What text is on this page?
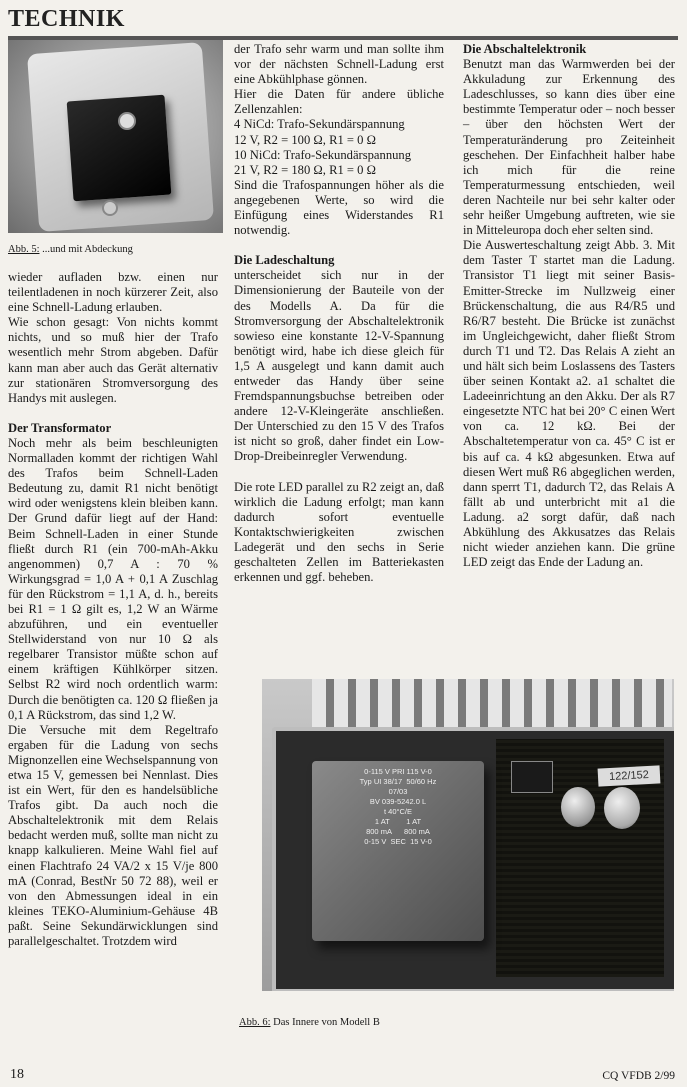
TECHNIK
Abb. 5: ...und mit Abdeckung

wieder aufladen bzw. einen nur teilentladenen in noch kürzerer Zeit, also eine Schnell-Ladung erlauben.

Wie schon gesagt: Von nichts kommt nichts, und so muß hier der Trafo wesentlich mehr Strom abgeben. Dafür kann man aber auch das Gerät alternativ zur stationären Stromversorgung des Handys mit auslegen.

Der Transformator

Noch mehr als beim beschleunigten Normalladen kommt der richtigen Wahl des Trafos beim Schnell-Laden Bedeutung zu, damit R1 nicht benötigt wird oder wenigstens klein bleiben kann. Der Grund dafür liegt auf der Hand: Beim Schnell-Laden in einer Stunde fließt durch R1 (ein 700-mAh-Akku angenommen) 0,7 A : 70 % Wirkungsgrad = 1,0 A + 0,1 A Zuschlag für den Rückstrom = 1,1 A, d. h., bereits bei R1 = 1 Ω gilt es, 1,2 W an Wärme abzuführen, und ein eventueller Stellwiderstand von nur 10 Ω als regelbarer Transistor müßte schon auf einem kräftigen Kühlkörper sitzen. Selbst R2 wird noch ordentlich warm: Durch die benötigten ca. 120 Ω fließen ja 0,1 A Rückstrom, das sind 1,2 W.

Die Versuche mit dem Regeltrafo ergaben für die Ladung von sechs Mignonzellen eine Wechselspannung von etwa 15 V, gemessen bei Nennlast. Dies ist ein Wert, für den es handelsübliche Trafos gibt. Da auch noch die Abschaltelektronik mit dem Relais bedacht werden muß, sollte man nicht zu knapp kalkulieren. Meine Wahl fiel auf einen Flachtrafo 24 VA/2 x 15 V/je 800 mA (Conrad, BestNr 50 72 88), weil er von den Abmessungen ideal in ein kleines TEKO-Aluminium-Gehäuse 4B paßt. Seine Sekundärwicklungen sind parallelgeschaltet. Trotzdem wird

der Trafo sehr warm und man sollte ihm vor der nächsten Schnell-Ladung erst eine Abkühlphase gönnen.

Hier die Daten für andere übliche Zellenzahlen:

4 NiCd: Trafo-Sekundärspannung

12 V, R2 = 100 Ω, R1 = 0 Ω

10 NiCd: Trafo-Sekundärspannung

21 V, R2 = 180 Ω, R1 = 0 Ω

Sind die Trafospannungen höher als die angegebenen Werte, so wird die Einfügung eines Widerstandes R1 notwendig.

Die Ladeschaltung

unterscheidet sich nur in der Dimensionierung der Bauteile von der des Modells A. Da für die Stromversorgung der Abschaltelektronik sowieso eine konstante 12-V-Spannung benötigt wird, habe ich diese gleich für 1,5 A ausgelegt und kann damit auch entweder das Handy über seine Fremdspannungsbuchse betreiben oder andere 12-V-Kleingeräte anschließen. Der Unterschied zu den 15 V des Trafos ist nicht so groß, daher findet ein Low-Drop-Dreibeinregler Verwendung.

Die rote LED parallel zu R2 zeigt an, daß wirklich die Ladung erfolgt; man kann dadurch sofort eventuelle Kontaktschwierigkeiten zwischen Ladegerät und den sechs in Serie geschalteten Zellen im Batteriekasten erkennen und ggf. beheben.

Die Abschaltelektronik

Benutzt man das Warmwerden bei der Akkuladung zur Erkennung des Ladeschlusses, so kann dies über eine bestimmte Temperatur oder – noch besser – über den höchsten Wert der Temperaturänderung pro Zeiteinheit geschehen. Der Einfachheit halber habe ich mich für die reine Temperaturmessung entschieden, weil deren Nachteile nur bei sehr kalter oder sehr heißer Umgebung auftreten, wie sie in Mitteleuropa doch eher selten sind.

Die Auswerteschaltung zeigt Abb. 3. Mit dem Taster T startet man die Ladung. Transistor T1 liegt mit seiner Basis-Emitter-Strecke im Nullzweig einer Brückenschaltung, die aus R4/R5 und R6/R7 besteht. Die Brücke ist zunächst im Ungleichgewicht, daher fließt Strom durch T1 und T2. Das Relais A zieht an und hält sich beim Loslassens des Tasters über seinen Kontakt a2. a1 schaltet die Ladeeinrichtung an den Akku. Der als R7 eingesetzte NTC hat bei 20° C einen Wert von ca. 12 kΩ. Bei der Abschaltetemperatur von ca. 45° C ist er bis auf ca. 4 kΩ abgesunken. Etwa auf diesen Wert muß R6 abgeglichen werden, dann sperrt T1, dadurch T2, das Relais A fällt ab und unterbricht mit a1 die Ladung. a2 sorgt dafür, daß nach Abkühlung des Akkusatzes das Relais nicht wieder anziehen kann. Die grüne LED zeigt das Ende der Ladung an.

122/152
0-115 V PRI 115 V-0
Typ UI 38/17  50/60 Hz
07/03
BV 039-5242.0 L
t 40°C/E
1 AT        1 AT
800 mA      800 mA
0-15 V  SEC  15 V-0
Abb. 6: Das Innere von Modell B
18	CQ VFDB 2/99
